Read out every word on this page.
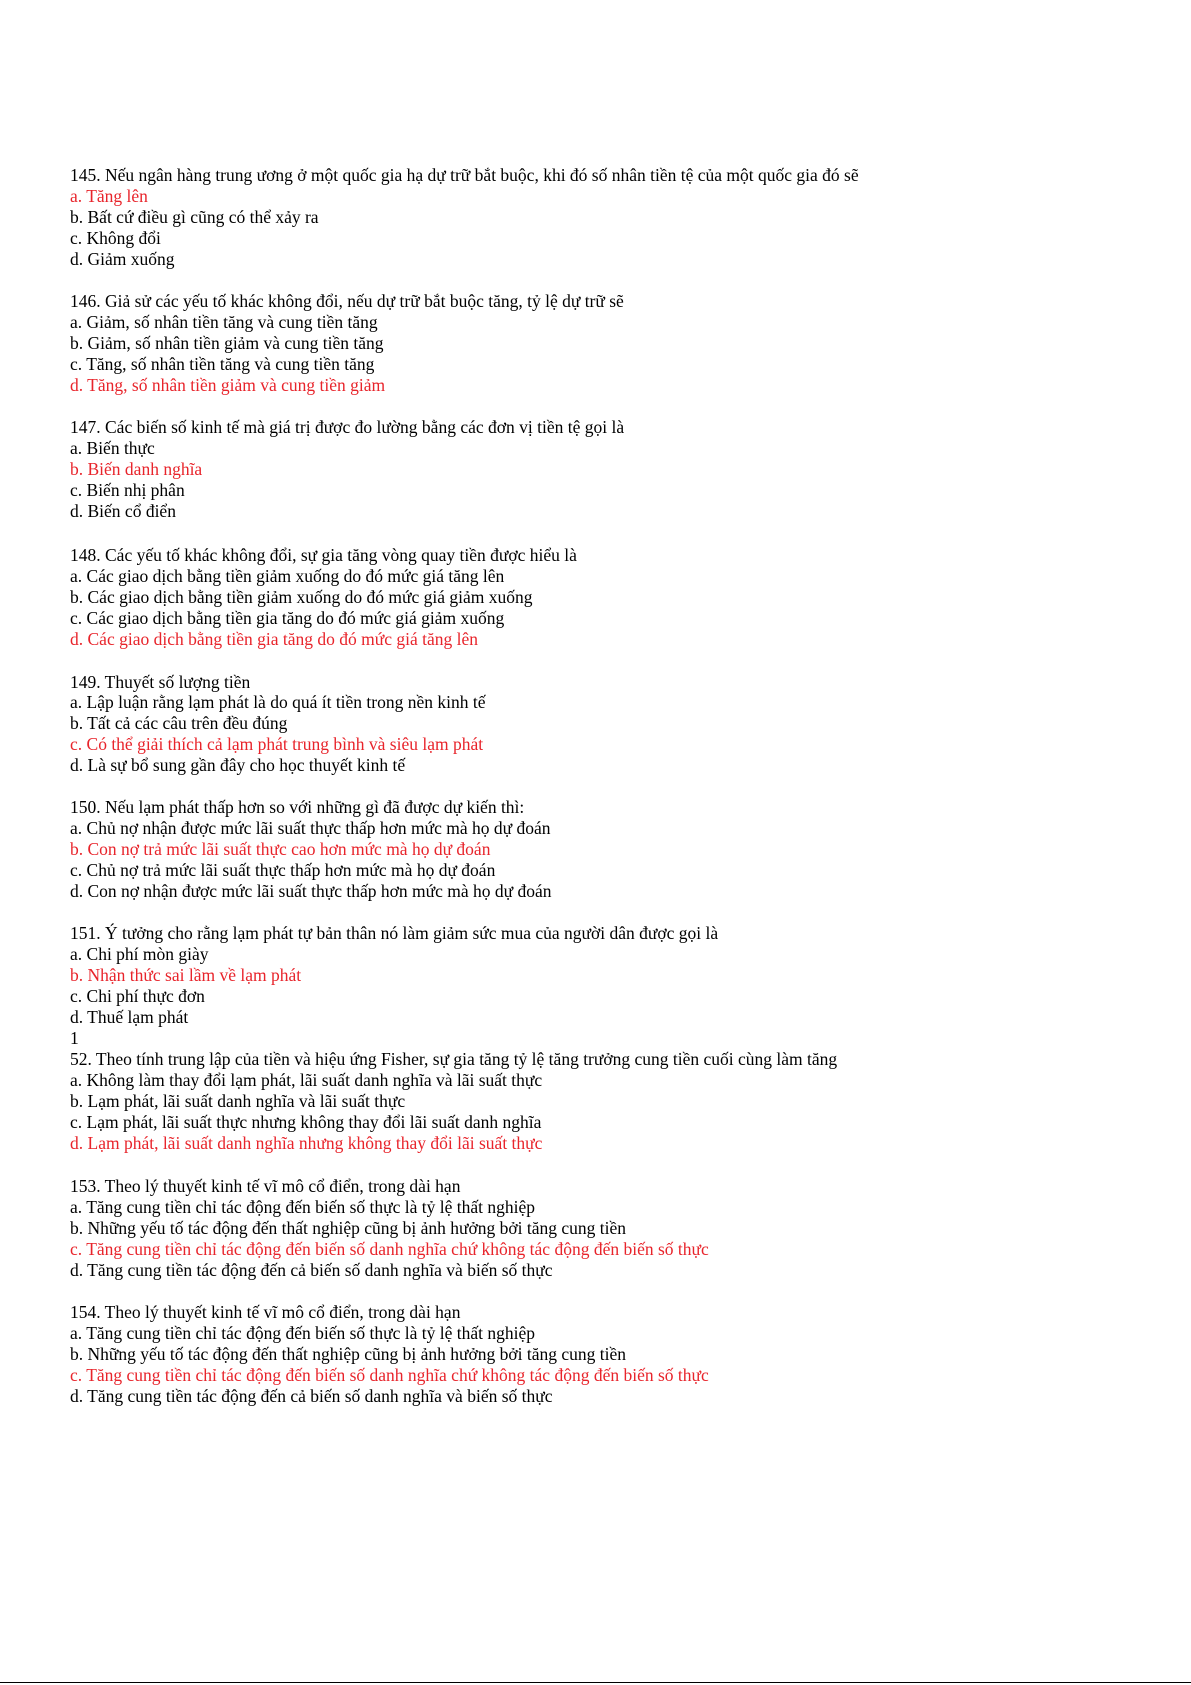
145. Nếu ngân hàng trung ương ở một quốc gia hạ dự trữ bắt buộc, khi đó số nhân tiền tệ của một quốc gia đó sẽ
a. Tăng lên
b. Bất cứ điều gì cũng có thể xảy ra
c. Không đổi
d. Giảm xuống
146. Giả sử các yếu tố khác không đổi, nếu dự trữ bắt buộc tăng, tỷ lệ dự trữ sẽ
a. Giảm, số nhân tiền tăng và cung tiền tăng
b. Giảm, số nhân tiền giảm và cung tiền tăng
c. Tăng, số nhân tiền tăng và cung tiền tăng
d. Tăng, số nhân tiền giảm và cung tiền giảm
147. Các biến số kinh tế mà giá trị được đo lường bằng các đơn vị tiền tệ gọi là
a. Biến thực
b. Biến danh nghĩa
c. Biến nhị phân
d. Biến cổ điển
148. Các yếu tố khác không đổi, sự gia tăng vòng quay tiền được hiểu là
a. Các giao dịch bằng tiền giảm xuống do đó mức giá tăng lên
b. Các giao dịch bằng tiền giảm xuống do đó mức giá giảm xuống
c. Các giao dịch bằng tiền gia tăng do đó mức giá giảm xuống
d. Các giao dịch bằng tiền gia tăng do đó mức giá tăng lên
149. Thuyết số lượng tiền
a. Lập luận rằng lạm phát là do quá ít tiền trong nền kinh tế
b. Tất cả các câu trên đều đúng
c. Có thể giải thích cả lạm phát trung bình và siêu lạm phát
d. Là sự bổ sung gần đây cho học thuyết kinh tế
150. Nếu lạm phát thấp hơn so với những gì đã được dự kiến thì:
a. Chủ nợ nhận được mức lãi suất thực thấp hơn mức mà họ dự đoán
b. Con nợ trả mức lãi suất thực cao hơn mức mà họ dự đoán
c. Chủ nợ trả mức lãi suất thực thấp hơn mức mà họ dự đoán
d. Con nợ nhận được mức lãi suất thực thấp hơn mức mà họ dự đoán
151. Ý tưởng cho rằng lạm phát tự bản thân nó làm giảm sức mua của người dân được gọi là
a. Chi phí mòn giày
b. Nhận thức sai lầm về lạm phát
c. Chi phí thực đơn
d. Thuế lạm phát
1
52. Theo tính trung lập của tiền và hiệu ứng Fisher, sự gia tăng tỷ lệ tăng trưởng cung tiền cuối cùng làm tăng
a. Không làm thay đổi lạm phát, lãi suất danh nghĩa và lãi suất thực
b. Lạm phát, lãi suất danh nghĩa và lãi suất thực
c. Lạm phát, lãi suất thực nhưng không thay đổi lãi suất danh nghĩa
d. Lạm phát, lãi suất danh nghĩa nhưng không thay đổi lãi suất thực
153. Theo lý thuyết kinh tế vĩ mô cổ điển, trong dài hạn
a. Tăng cung tiền chỉ tác động đến biến số thực là tỷ lệ thất nghiệp
b. Những yếu tố tác động đến thất nghiệp cũng bị ảnh hưởng bởi tăng cung tiền
c. Tăng cung tiền chỉ tác động đến biến số danh nghĩa chứ không tác động đến biến số thực
d. Tăng cung tiền tác động đến cả biến số danh nghĩa và biến số thực
154. Theo lý thuyết kinh tế vĩ mô cổ điển, trong dài hạn
a. Tăng cung tiền chỉ tác động đến biến số thực là tỷ lệ thất nghiệp
b. Những yếu tố tác động đến thất nghiệp cũng bị ảnh hưởng bởi tăng cung tiền
c. Tăng cung tiền chỉ tác động đến biến số danh nghĩa chứ không tác động đến biến số thực
d. Tăng cung tiền tác động đến cả biến số danh nghĩa và biến số thực
